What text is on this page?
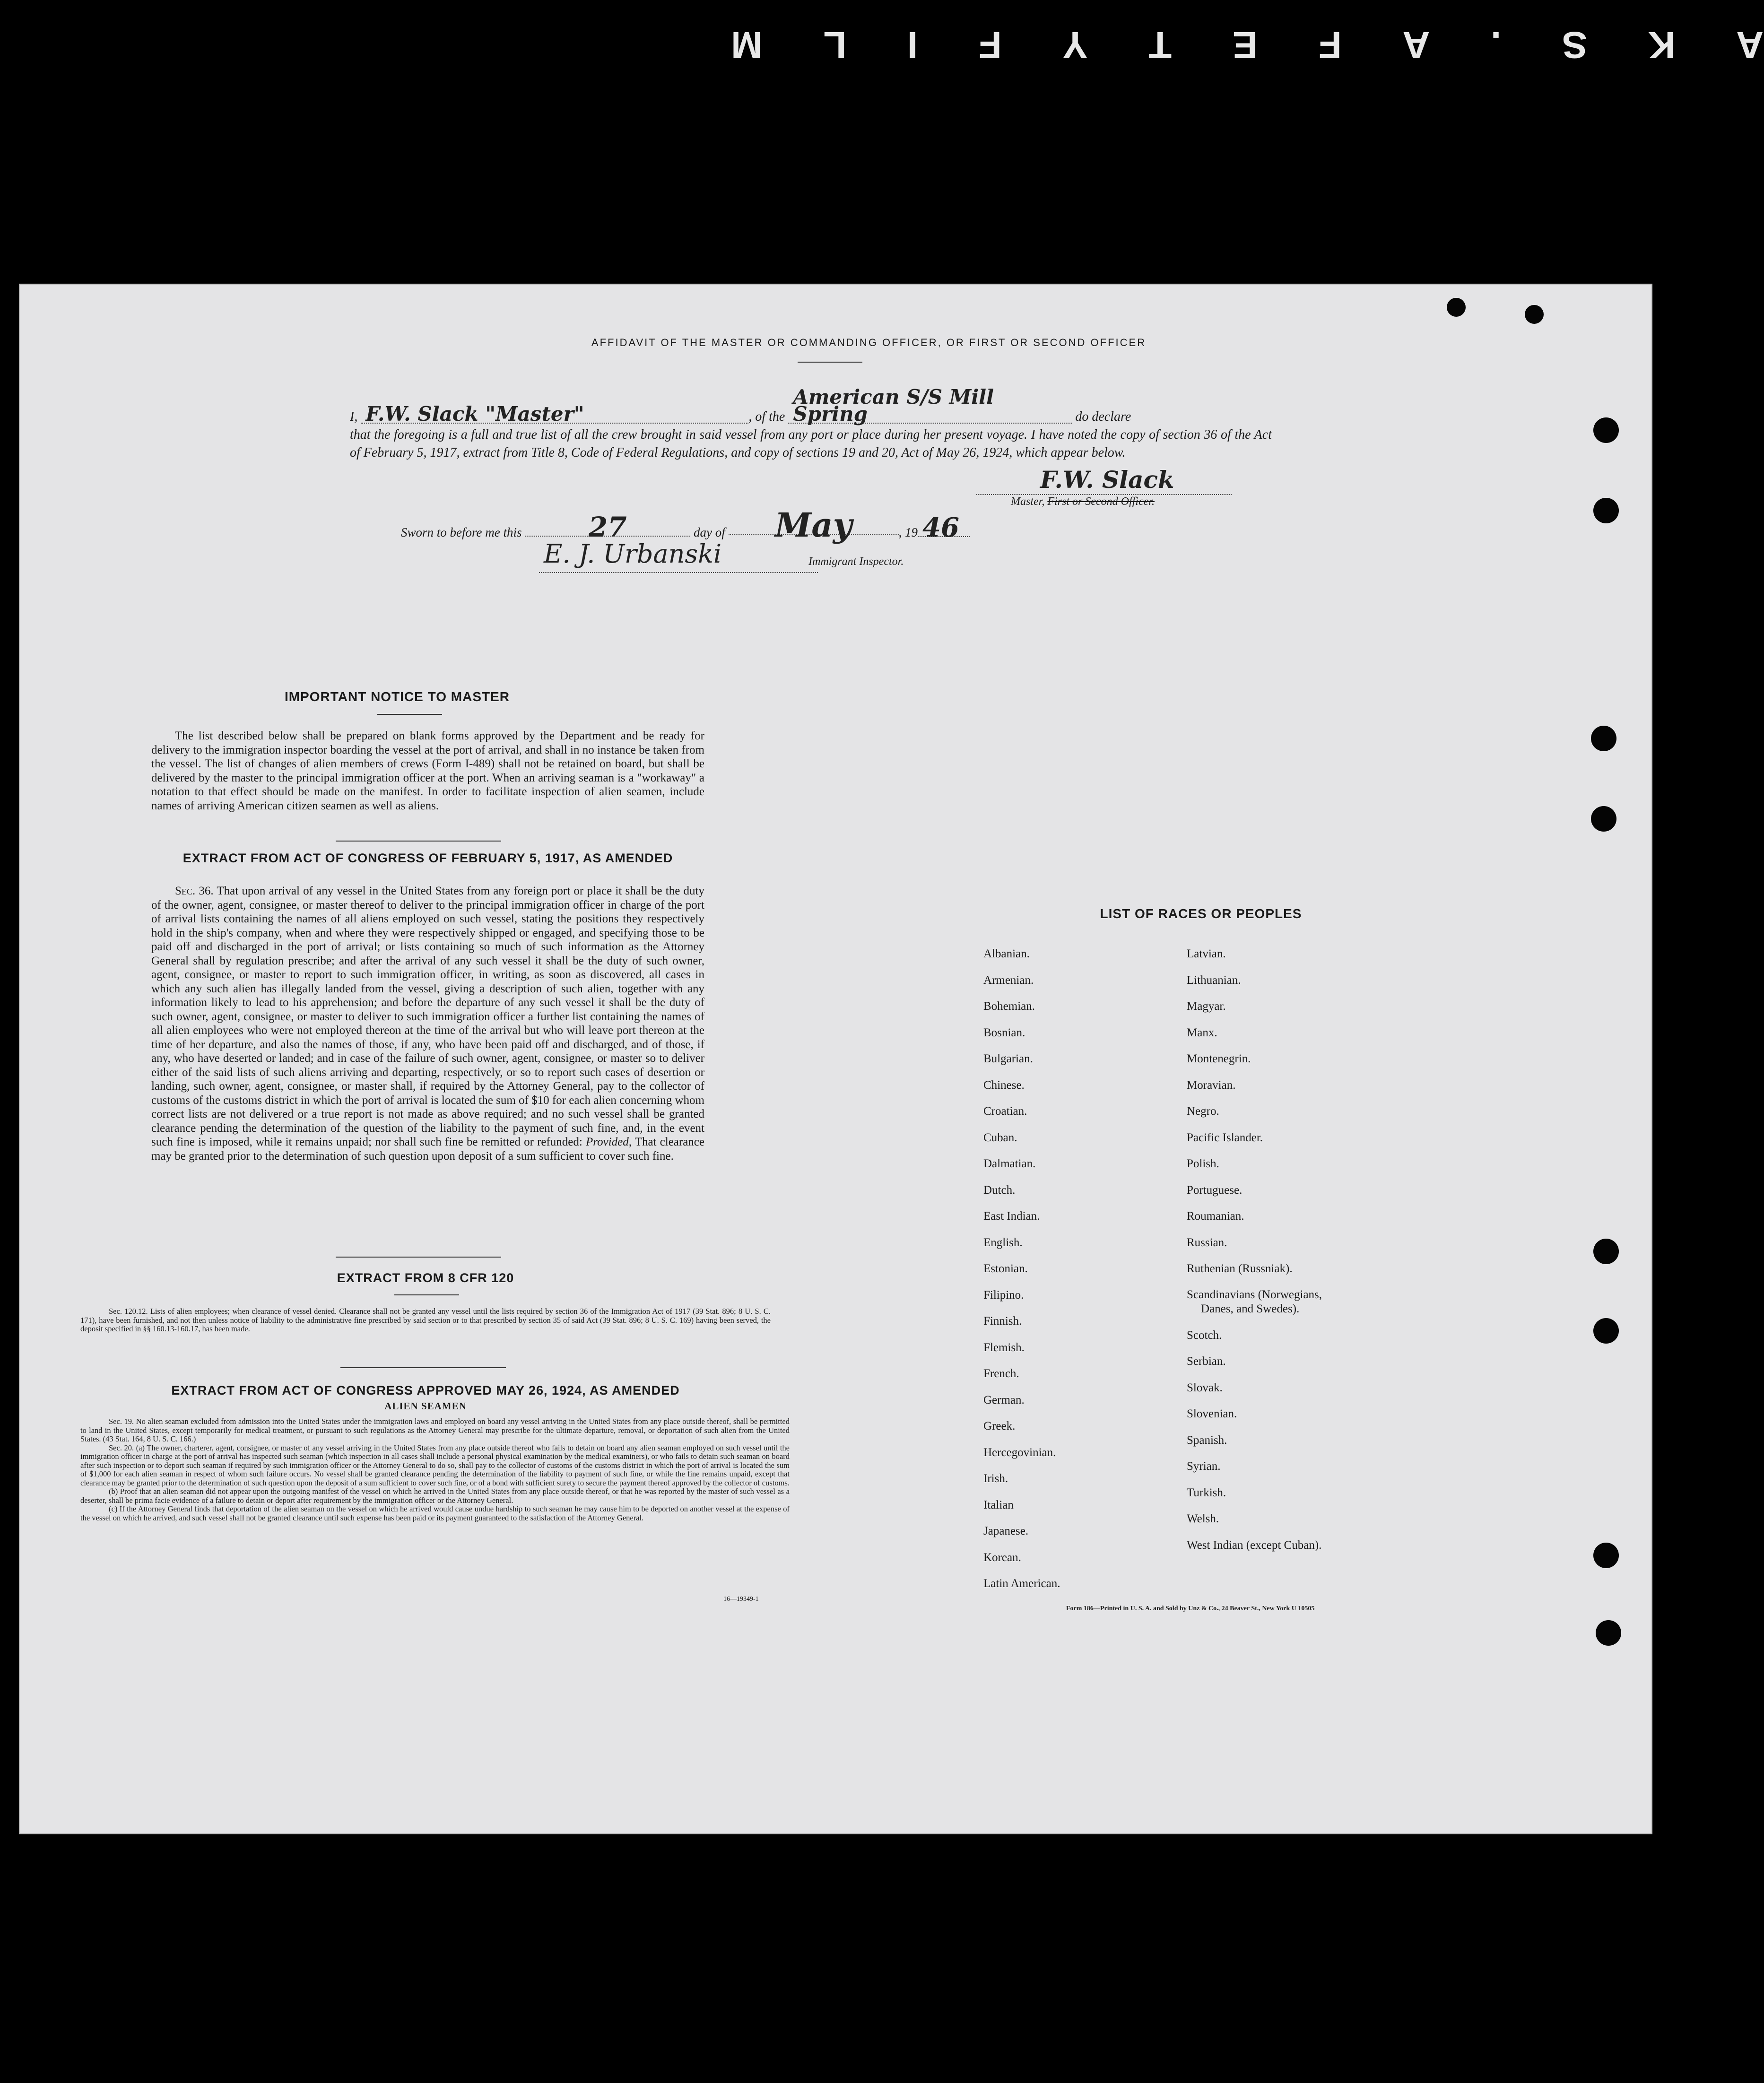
A
K
S
.
A
F
E
T
Y
F
I
L
M
AFFIDAVIT OF THE MASTER OR COMMANDING OFFICER, OR FIRST OR SECOND OFFICER
I, F.W. Slack "Master"	, of the American S/S Mill Spring	do declare
that the foregoing is a full and true list of all the crew brought in said vessel from any port or place during her present voyage. I have noted the copy of section 36 of the Act of February 5, 1917, extract from Title 8, Code of Federal Regulations, and copy of sections 19 and 20, Act of May 26, 1924, which appear below.
F.W. Slack
Master, First or Second Officer.
Sworn to before me this 27	day of May	, 19 46
E. J. Urbanski	Immigrant Inspector.
IMPORTANT NOTICE TO MASTER
The list described below shall be prepared on blank forms approved by the Department and be ready for delivery to the immigration inspector boarding the vessel at the port of arrival, and shall in no instance be taken from the vessel. The list of changes of alien members of crews (Form I-489) shall not be retained on board, but shall be delivered by the master to the principal immigration officer at the port. When an arriving seaman is a "workaway" a notation to that effect should be made on the manifest. In order to facilitate inspection of alien seamen, include names of arriving American citizen seamen as well as aliens.
EXTRACT FROM ACT OF CONGRESS OF FEBRUARY 5, 1917, AS AMENDED
Sec. 36. That upon arrival of any vessel in the United States from any foreign port or place it shall be the duty of the owner, agent, consignee, or master thereof to deliver to the principal immigration officer in charge of the port of arrival lists containing the names of all aliens employed on such vessel, stating the positions they respectively hold in the ship's company, when and where they were respectively shipped or engaged, and specifying those to be paid off and discharged in the port of arrival; or lists containing so much of such information as the Attorney General shall by regulation prescribe; and after the arrival of any such vessel it shall be the duty of such owner, agent, consignee, or master to report to such immigration officer, in writing, as soon as discovered, all cases in which any such alien has illegally landed from the vessel, giving a description of such alien, together with any information likely to lead to his apprehension; and before the departure of any such vessel it shall be the duty of such owner, agent, consignee, or master to deliver to such immigration officer a further list containing the names of all alien employees who were not employed thereon at the time of the arrival but who will leave port thereon at the time of her departure, and also the names of those, if any, who have been paid off and discharged, and of those, if any, who have deserted or landed; and in case of the failure of such owner, agent, consignee, or master so to deliver either of the said lists of such aliens arriving and departing, respectively, or so to report such cases of desertion or landing, such owner, agent, consignee, or master shall, if required by the Attorney General, pay to the collector of customs of the customs district in which the port of arrival is located the sum of $10 for each alien concerning whom correct lists are not delivered or a true report is not made as above required; and no such vessel shall be granted clearance pending the determination of the question of the liability to the payment of such fine, and, in the event such fine is imposed, while it remains unpaid; nor shall such fine be remitted or refunded: Provided, That clearance may be granted prior to the determination of such question upon deposit of a sum sufficient to cover such fine.
EXTRACT FROM 8 CFR 120
Sec. 120.12. Lists of alien employees; when clearance of vessel denied. Clearance shall not be granted any vessel until the lists required by section 36 of the Immigration Act of 1917 (39 Stat. 896; 8 U. S. C. 171), have been furnished, and not then unless notice of liability to the administrative fine prescribed by said section or to that prescribed by section 35 of said Act (39 Stat. 896; 8 U. S. C. 169) having been served, the deposit specified in §§ 160.13-160.17, has been made.
EXTRACT FROM ACT OF CONGRESS APPROVED MAY 26, 1924, AS AMENDED
ALIEN SEAMEN

Sec. 19. No alien seaman excluded from admission into the United States under the immigration laws and employed on board any vessel arriving in the United States from any place outside thereof, shall be permitted to land in the United States, except temporarily for medical treatment, or pursuant to such regulations as the Attorney General may prescribe for the ultimate departure, removal, or deportation of such alien from the United States. (43 Stat. 164, 8 U. S. C. 166.)

Sec. 20. (a) The owner, charterer, agent, consignee, or master of any vessel arriving in the United States from any place outside thereof who fails to detain on board any alien seaman employed on such vessel until the immigration officer in charge at the port of arrival has inspected such seaman (which inspection in all cases shall include a personal physical examination by the medical examiners), or who fails to detain such seaman on board after such inspection or to deport such seaman if required by such immigration officer or the Attorney General to do so, shall pay to the collector of customs of the customs district in which the port of arrival is located the sum of $1,000 for each alien seaman in respect of whom such failure occurs. No vessel shall be granted clearance pending the determination of the liability to payment of such fine, or while the fine remains unpaid, except that clearance may be granted prior to the determination of such question upon the deposit of a sum sufficient to cover such fine, or of a bond with sufficient surety to secure the payment thereof approved by the collector of customs.

(b) Proof that an alien seaman did not appear upon the outgoing manifest of the vessel on which he arrived in the United States from any place outside thereof, or that he was reported by the master of such vessel as a deserter, shall be prima facie evidence of a failure to detain or deport after requirement by the immigration officer or the Attorney General.

(c) If the Attorney General finds that deportation of the alien seaman on the vessel on which he arrived would cause undue hardship to such seaman he may cause him to be deported on another vessel at the expense of the vessel on which he arrived, and such vessel shall not be granted clearance until such expense has been paid or its payment guaranteed to the satisfaction of the Attorney General.

16—19349-1
LIST OF RACES OR PEOPLES
Albanian.
Armenian.
Bohemian.
Bosnian.
Bulgarian.
Chinese.
Croatian.
Cuban.
Dalmatian.
Dutch.
East Indian.
English.
Estonian.
Filipino.
Finnish.
Flemish.
French.
German.
Greek.
Hercegovinian.
Irish.
Italian
Japanese.
Korean.
Latin American.
Latvian.
Lithuanian.
Magyar.
Manx.
Montenegrin.
Moravian.
Negro.
Pacific Islander.
Polish.
Portuguese.
Roumanian.
Russian.
Ruthenian (Russniak).
Scandinavians (Norwegians,
Danes, and Swedes).
Scotch.
Serbian.
Slovak.
Slovenian.
Spanish.
Syrian.
Turkish.
Welsh.
West Indian (except Cuban).
Form 186—Printed in U. S. A. and Sold by Unz & Co., 24 Beaver St., New York U 10505
